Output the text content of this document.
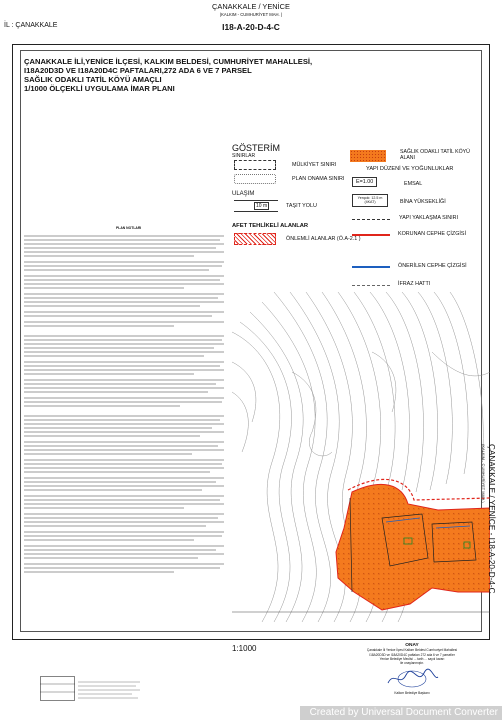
İL : ÇANAKKALE
ÇANAKKALE / YENİCE
(KALKIM - CUMHURİYET MAH. )
I18-A-20-D-4-C
ÇANAKKALE İLİ,YENİCE İLÇESİ, KALKIM BELDESİ, CUMHURİYET MAHALLESİ,
I18A20D3D VE I18A20D4C PAFTALARI,272 ADA 6 VE 7 PARSEL
SAĞLIK ODAKLI TATİL KÖYÜ AMAÇLI
1/1000 ÖLÇEKLİ UYGULAMA İMAR PLANI
GÖSTERİM
SINIRLAR
MÜLKİYET SINIRI
PLAN ONAMA SINIRI
ULAŞIM
10 m	TAŞIT YOLU
AFET TEHLİKELİ ALANLAR
ÖNLEMLİ ALANLAR (Ö.A-2.1 )
SAĞLIK ODAKLI TATİL KÖYÜ ALANI
YAPI DÜZENİ VE YOĞUNLUKLAR
E=1.00	EMSAL
Yençok: 12.5 m (4KAT)	BİNA YÜKSEKLİĞİ
YAPI YAKLAŞMA SINIRI
KORUNAN CEPHE ÇİZGİSİ
ÖNERİLEN CEPHE ÇİZGİSİ
İFRAZ HATTI
PLAN NOTLARI
ÇANAKKALE / YENİCE - I18-A-20-D-4-C
(KALKIM - CUMHURİYET MAH.)
1:1000	ONAY
Çanakkale İli Yenice İlçesi Kalkım Beldesi Cumhuriyet Mahallesi
I18A20D3D ve I18A20D4C paftaları 272 ada 6 ve 7 parseller
Yenice Belediye Meclisi ... tarih ... sayılı kararı
ile onaylanmıştır.
Kalkım Belediye Başkanı
Created by Universal Document Converter
